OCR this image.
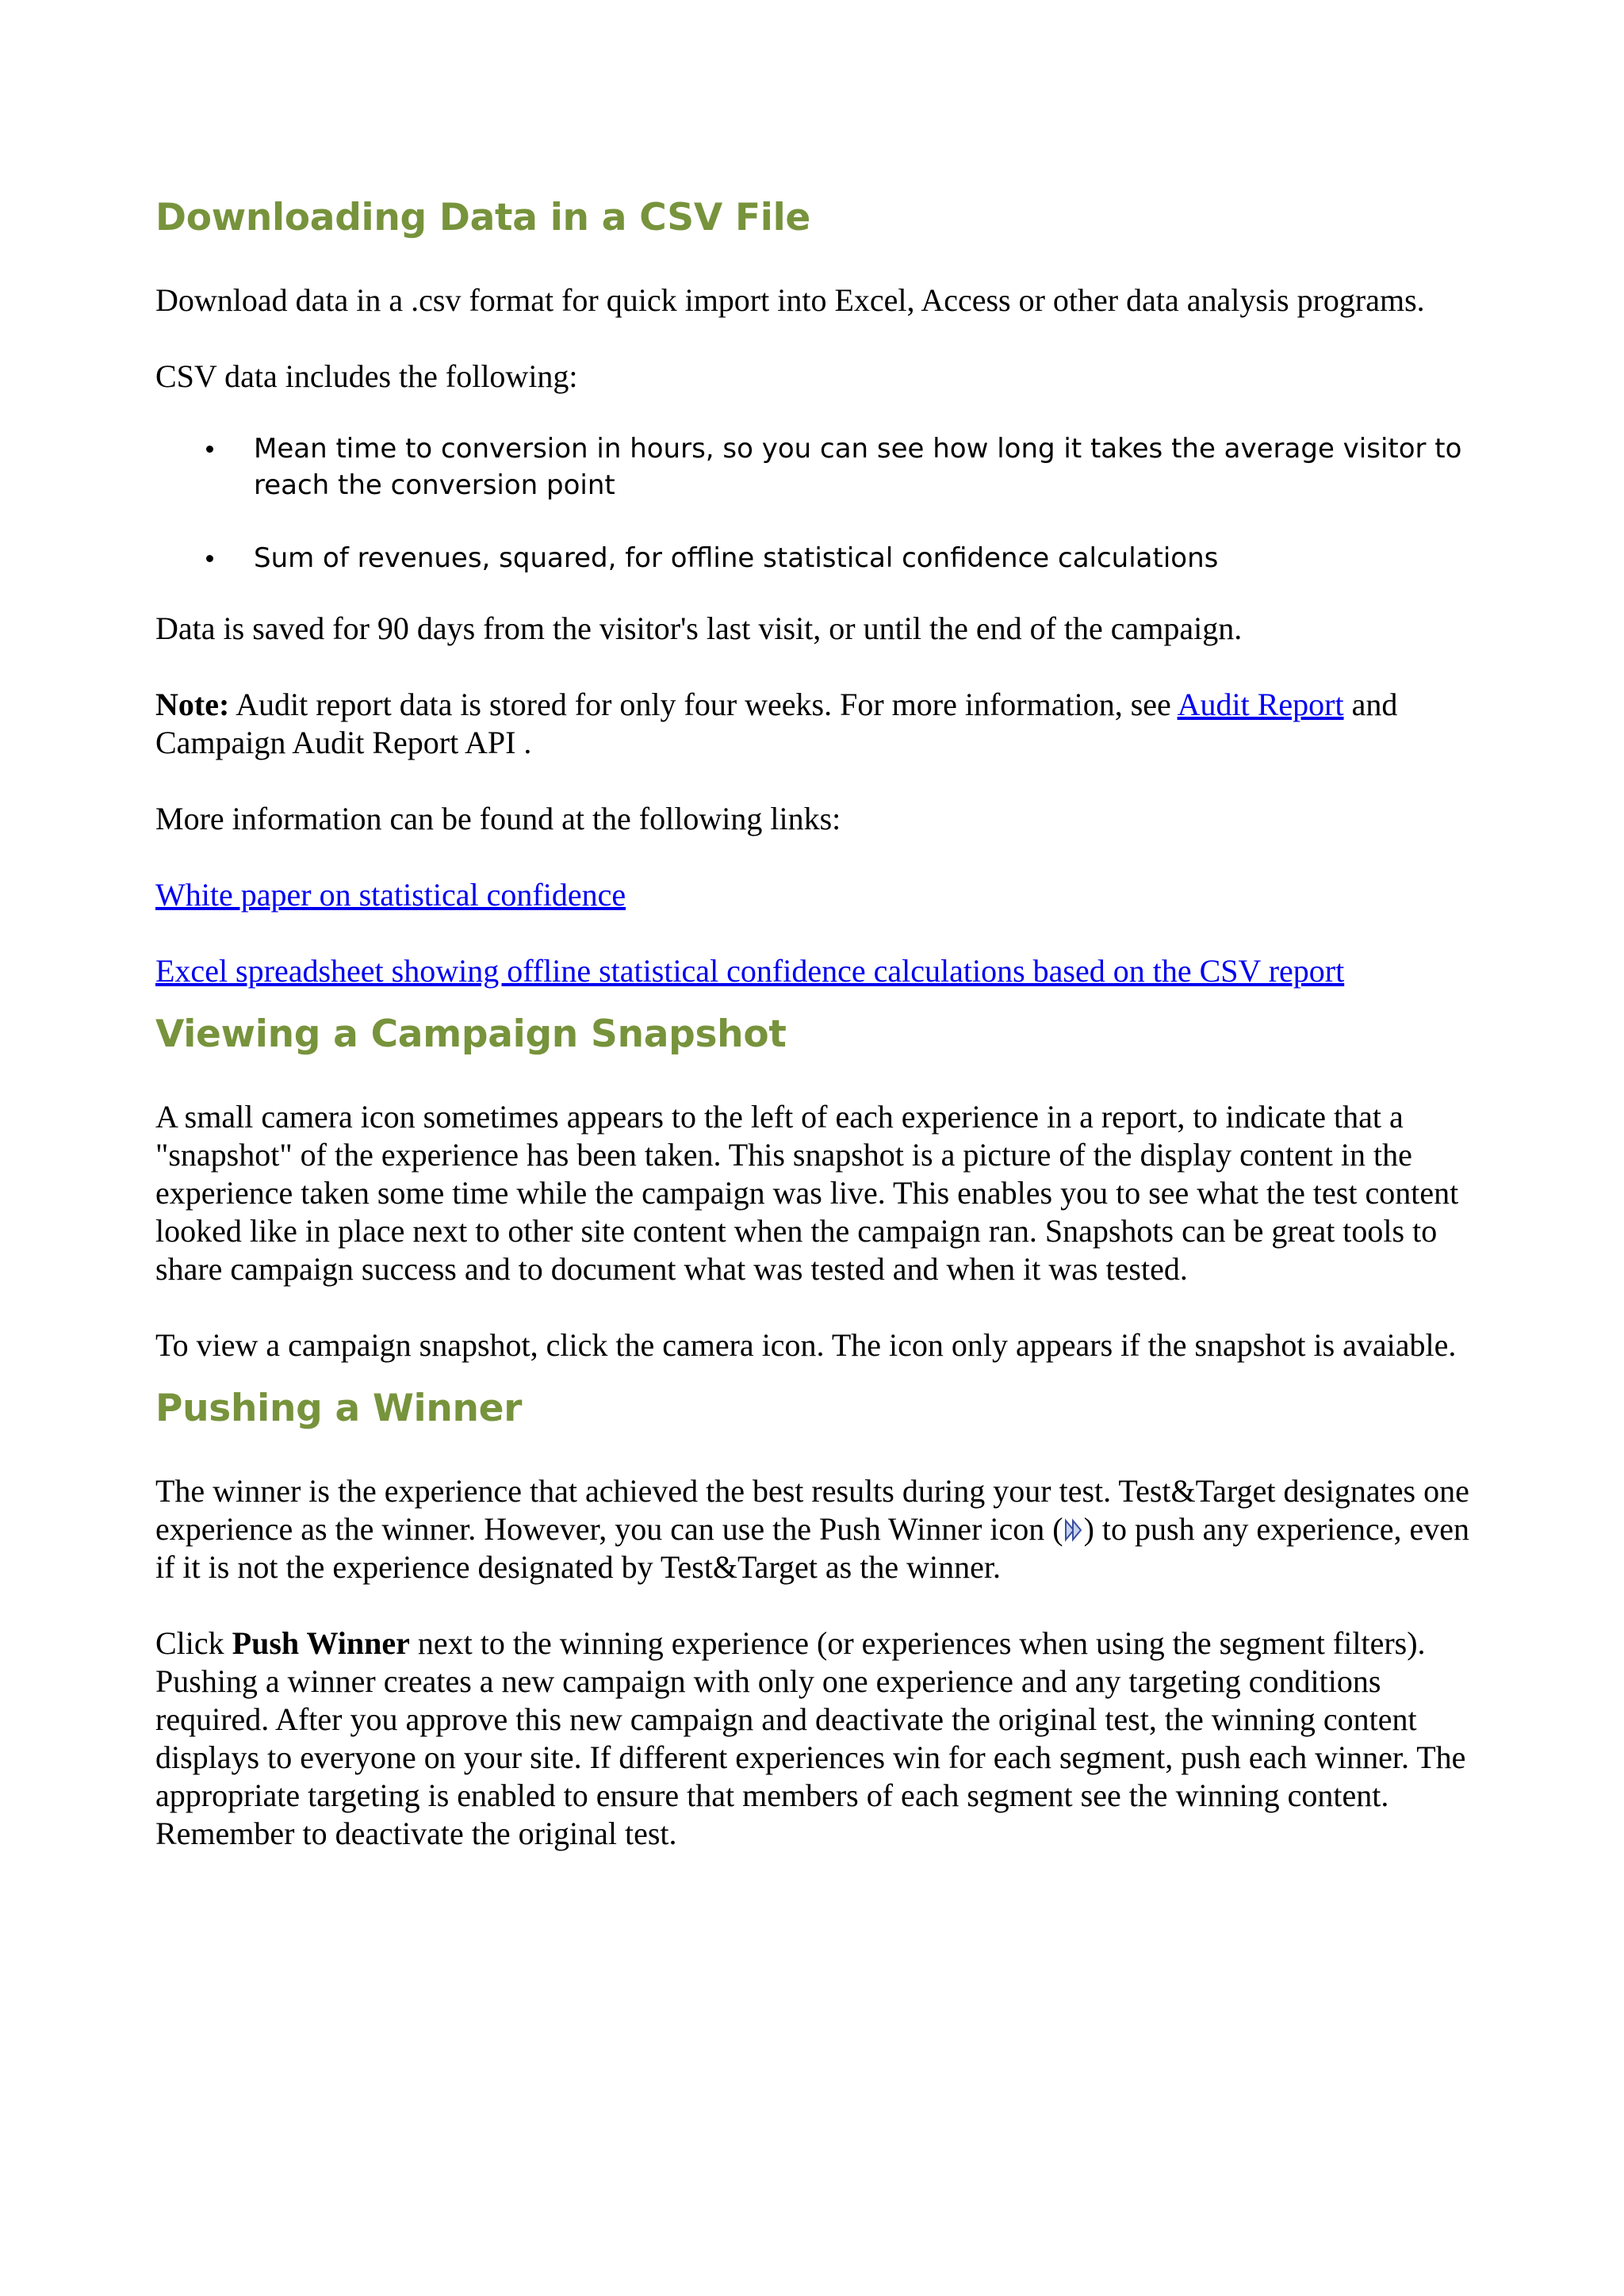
Downloading Data in a CSV File

Download data in a .csv format for quick import into Excel, Access or other data analysis programs.

CSV data includes the following:

Mean time to conversion in hours, so you can see how long it takes the average visitor to reach the conversion point
Sum of revenues, squared, for offline statistical confidence calculations

Data is saved for 90 days from the visitor's last visit, or until the end of the campaign.

Note: Audit report data is stored for only four weeks. For more information, see Audit Report and
Campaign Audit Report API .

More information can be found at the following links:

White paper on statistical confidence

Excel spreadsheet showing offline statistical confidence calculations based on the CSV report

Viewing a Campaign Snapshot

A small camera icon sometimes appears to the left of each experience in a report, to indicate that a "snapshot" of the experience has been taken. This snapshot is a picture of the display content in the experience taken some time while the campaign was live. This enables you to see what the test content looked like in place next to other site content when the campaign ran. Snapshots can be great tools to share campaign success and to document what was tested and when it was tested.

To view a campaign snapshot, click the camera icon. The icon only appears if the snapshot is avaiable.

Pushing a Winner

The winner is the experience that achieved the best results during your test. Test&Target designates one experience as the winner. However, you can use the Push Winner icon ( ) to push any experience, even if it is not the experience designated by Test&Target as the winner.

Click Push Winner next to the winning experience (or experiences when using the segment filters). Pushing a winner creates a new campaign with only one experience and any targeting conditions required. After you approve this new campaign and deactivate the original test, the winning content displays to everyone on your site. If different experiences win for each segment, push each winner. The appropriate targeting is enabled to ensure that members of each segment see the winning content. Remember to deactivate the original test.
